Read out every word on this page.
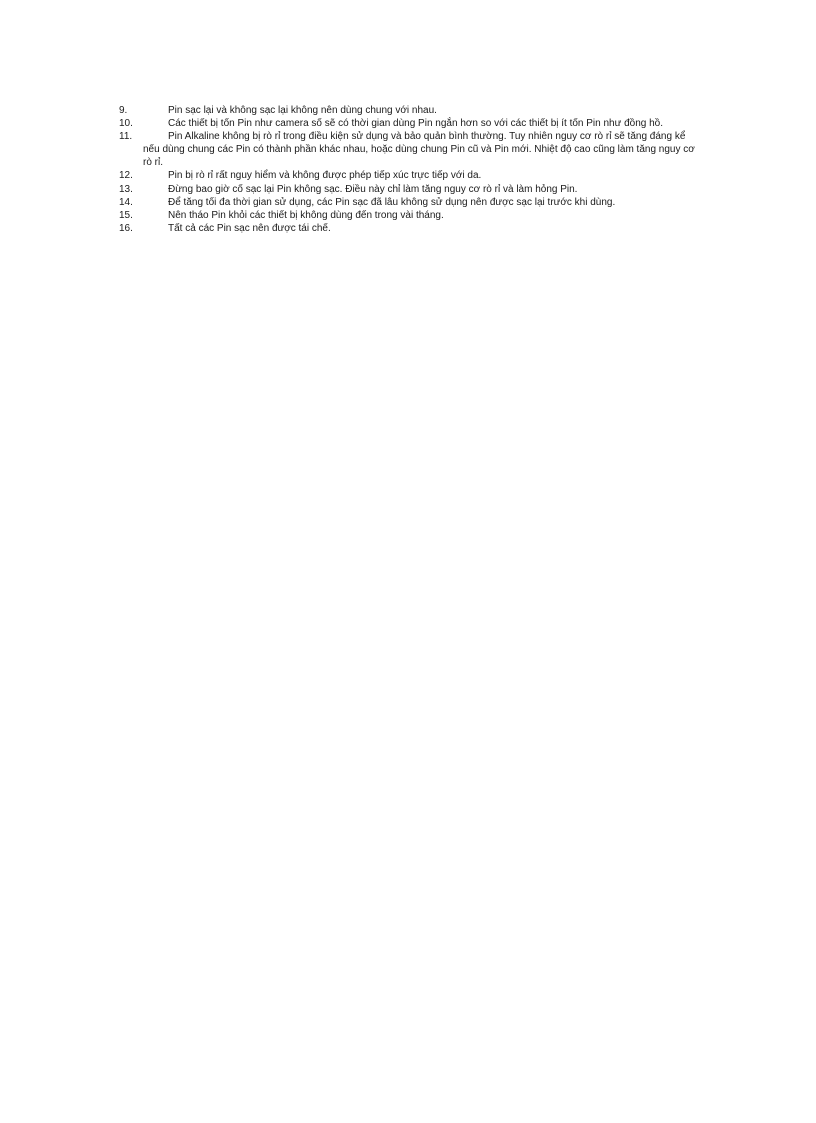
9.	Pin sạc lại và không sạc lại không nên dùng chung với nhau.
10.	Các thiết bị tốn Pin như camera số sẽ có thời gian dùng Pin ngắn hơn so với các thiết bị ít tốn Pin như đồng hồ.
11.	Pin Alkaline không bị rò rỉ trong điều kiện sử dụng và bảo quản bình thường. Tuy nhiên nguy cơ rò rỉ sẽ tăng đáng kể nếu dùng chung các Pin có thành phần khác nhau, hoặc dùng chung Pin cũ và Pin mới. Nhiệt độ cao cũng làm tăng nguy cơ rò rỉ.
12.	Pin bị rò rỉ rất nguy hiểm và không được phép tiếp xúc trực tiếp với da.
13.	Đừng bao giờ cố sạc lại Pin không sạc. Điều này chỉ làm tăng nguy cơ rò rỉ và làm hỏng Pin.
14.	Để tăng tối đa thời gian sử dụng, các Pin sạc đã lâu không sử dụng nên được sạc lại trước khi dùng.
15.	Nên tháo Pin khỏi các thiết bị không dùng đến trong vài tháng.
16.	Tất cả các Pin sạc nên được tái chế.
